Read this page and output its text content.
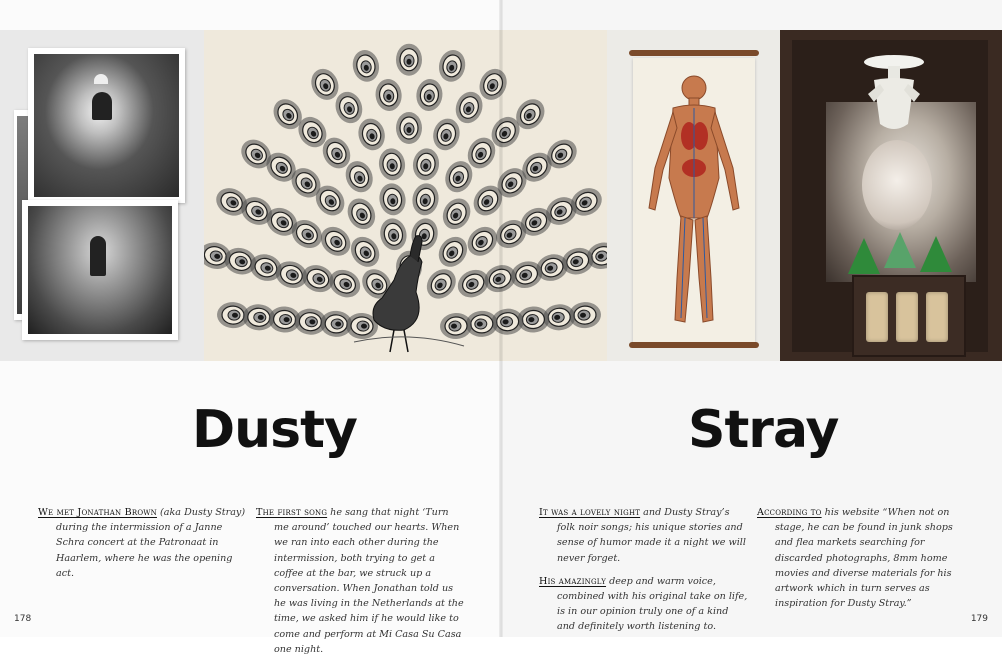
Dusty	Stray

We met Jonathan Brown (aka Dusty Stray) during the intermission of a Janne Schra concert at the Patronaat in Haarlem, where he was the opening act.

The first song he sang that night ‘Turn me around’ touched our hearts. When we ran into each other during the intermission, both trying to get a coffee at the bar, we struck up a conversation. When Jonathan told us he was living in the Netherlands at the time, we asked him if he would like to come and perform at Mi Casa Su Casa one night.

It was a lovely night and Dusty Stray’s folk noir songs; his unique stories and sense of humor made it a night we will never forget.

His amazingly deep and warm voice, combined with his original take on life, is in our opinion truly one of a kind and definitely worth listening to.

According to his website “When not on stage, he can be found in junk shops and flea markets searching for discarded photographs, 8mm home movies and diverse materials for his artwork which in turn serves as inspiration for Dusty Stray.”

178	179
